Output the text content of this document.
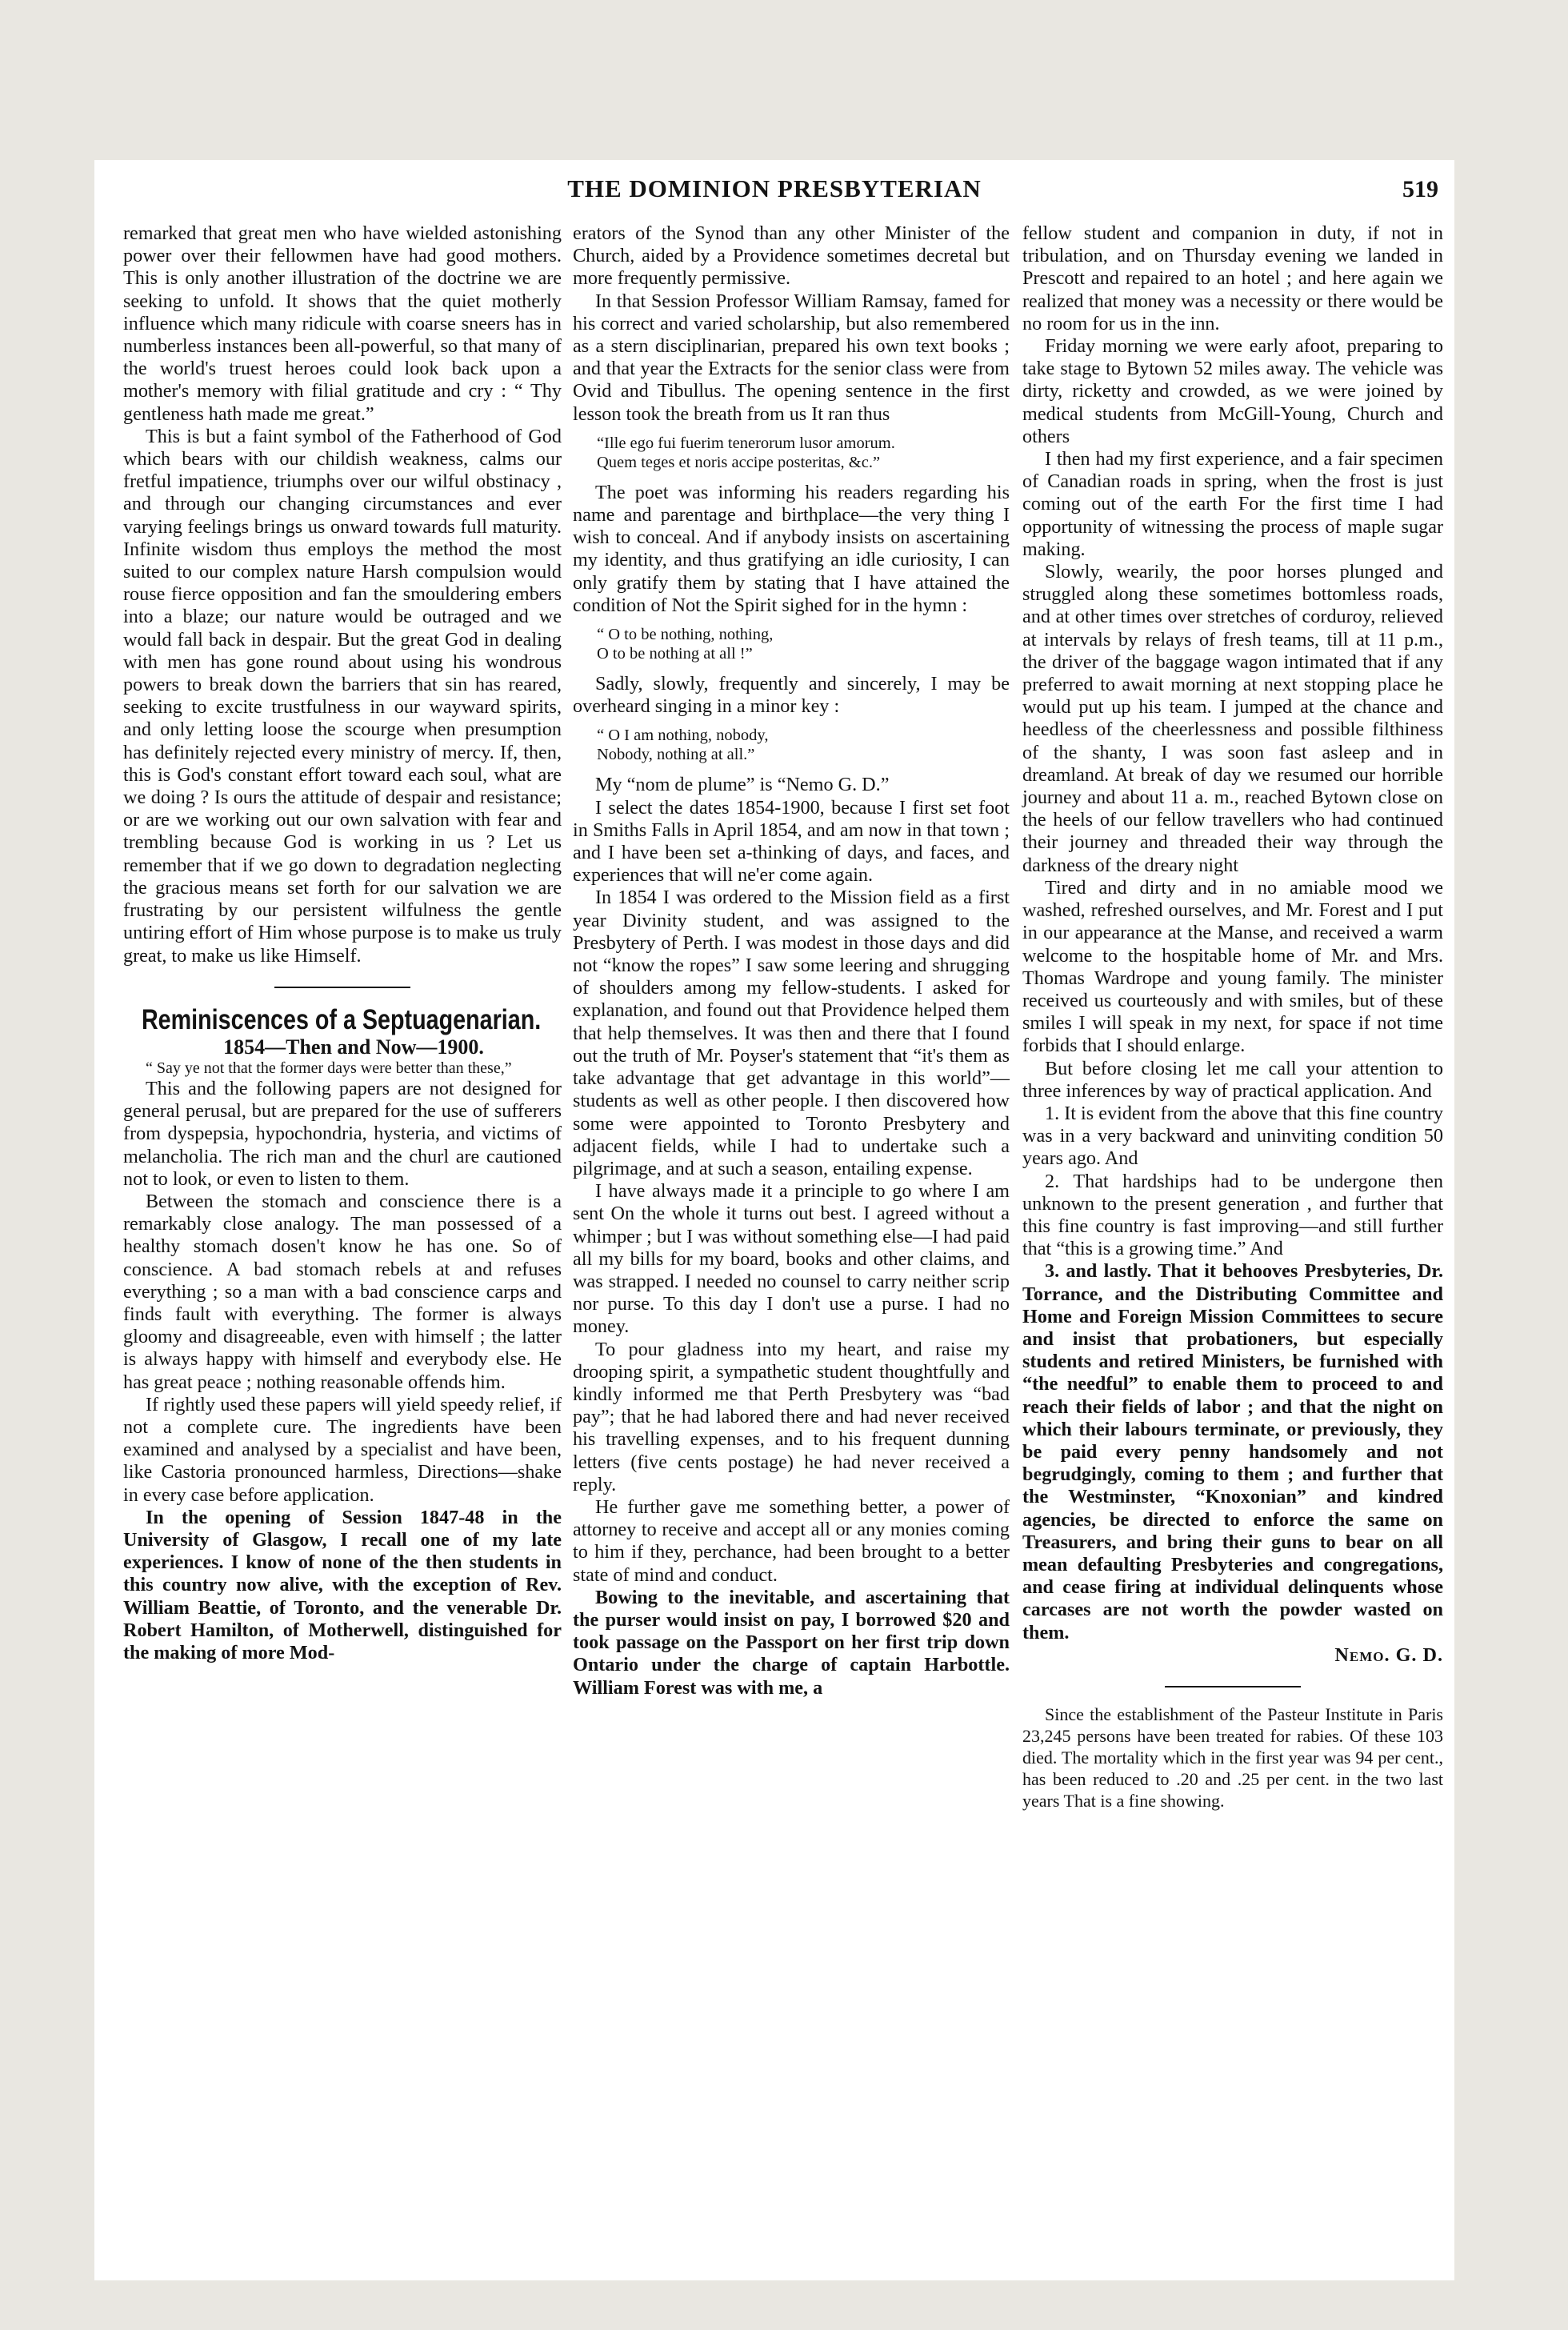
THE DOMINION PRESBYTERIAN	519

remarked that great men who have wielded astonishing power over their fellowmen have had good mothers. This is only another illustration of the doctrine we are seeking to unfold. It shows that the quiet motherly influence which many ridicule with coarse sneers has in numberless instances been all-powerful, so that many of the world's truest heroes could look back upon a mother's memory with filial gratitude and cry : “ Thy gentleness hath made me great.”

This is but a faint symbol of the Fatherhood of God which bears with our childish weakness, calms our fretful impatience, triumphs over our wilful obstinacy , and through our changing circumstances and ever varying feelings brings us onward towards full maturity. Infinite wisdom thus employs the method the most suited to our complex nature Harsh compulsion would rouse fierce opposition and fan the smouldering embers into a blaze; our nature would be outraged and we would fall back in despair. But the great God in dealing with men has gone round about using his wondrous powers to break down the barriers that sin has reared, seeking to excite trustfulness in our wayward spirits, and only letting loose the scourge when presumption has definitely rejected every ministry of mercy. If, then, this is God's constant effort toward each soul, what are we doing ? Is ours the attitude of despair and resistance; or are we working out our own salvation with fear and trembling because God is working in us ? Let us remember that if we go down to degradation neglecting the gracious means set forth for our salvation we are frustrating by our persistent wilfulness the gentle untiring effort of Him whose purpose is to make us truly great, to make us like Himself.

Reminiscences of a Septuagenarian.

1854—Then and Now—1900.

“ Say ye not that the former days were better than these,”

This and the following papers are not designed for general perusal, but are prepared for the use of sufferers from dyspepsia, hypochondria, hysteria, and victims of melancholia. The rich man and the churl are cautioned not to look, or even to listen to them.

Between the stomach and conscience there is a remarkably close analogy. The man possessed of a healthy stomach dosen't know he has one. So of conscience. A bad stomach rebels at and refuses everything ; so a man with a bad conscience carps and finds fault with everything. The former is always gloomy and disagreeable, even with himself ; the latter is always happy with himself and everybody else. He has great peace ; nothing reasonable offends him.

If rightly used these papers will yield speedy relief, if not a complete cure. The ingredients have been examined and analysed by a specialist and have been, like Castoria pronounced harmless, Directions—shake in every case before application.

In the opening of Session 1847-48 in the University of Glasgow, I recall one of my late experiences. I know of none of the then students in this country now alive, with the exception of Rev. William Beattie, of Toronto, and the venerable Dr. Robert Hamilton, of Motherwell, distinguished for the making of more Mod-

erators of the Synod than any other Minister of the Church, aided by a Providence sometimes decretal but more frequently permissive.

In that Session Professor William Ramsay, famed for his correct and varied scholarship, but also remembered as a stern disciplinarian, prepared his own text books ; and that year the Extracts for the senior class were from Ovid and Tibullus. The opening sentence in the first lesson took the breath from us It ran thus

“Ille ego fui fuerim tenerorum lusor amorum.
Quem teges et noris accipe posteritas, &c.”

The poet was informing his readers regarding his name and parentage and birthplace—the very thing I wish to conceal. And if anybody insists on ascertaining my identity, and thus gratifying an idle curiosity, I can only gratify them by stating that I have attained the condition of Not the Spirit sighed for in the hymn :

“ O to be nothing, nothing,
O to be nothing at all !”

Sadly, slowly, frequently and sincerely, I may be overheard singing in a minor key :

“ O I am nothing, nobody,
Nobody, nothing at all.”

My “nom de plume” is “Nemo G. D.”

I select the dates 1854-1900, because I first set foot in Smiths Falls in April 1854, and am now in that town ; and I have been set a-thinking of days, and faces, and experiences that will ne'er come again.

In 1854 I was ordered to the Mission field as a first year Divinity student, and was assigned to the Presbytery of Perth. I was modest in those days and did not “know the ropes” I saw some leering and shrugging of shoulders among my fellow-students. I asked for explanation, and found out that Providence helped them that help themselves. It was then and there that I found out the truth of Mr. Poyser's statement that “it's them as take advantage that get advantage in this world”—students as well as other people. I then discovered how some were appointed to Toronto Presbytery and adjacent fields, while I had to undertake such a pilgrimage, and at such a season, entailing expense.

I have always made it a principle to go where I am sent On the whole it turns out best. I agreed without a whimper ; but I was without something else—I had paid all my bills for my board, books and other claims, and was strapped. I needed no counsel to carry neither scrip nor purse. To this day I don't use a purse. I had no money.

To pour gladness into my heart, and raise my drooping spirit, a sympathetic student thoughtfully and kindly informed me that Perth Presbytery was “bad pay”; that he had labored there and had never received his travelling expenses, and to his frequent dunning letters (five cents postage) he had never received a reply.

He further gave me something better, a power of attorney to receive and accept all or any monies coming to him if they, perchance, had been brought to a better state of mind and conduct.

Bowing to the inevitable, and ascertaining that the purser would insist on pay, I borrowed $20 and took passage on the Passport on her first trip down Ontario under the charge of captain Harbottle. William Forest was with me, a

fellow student and companion in duty, if not in tribulation, and on Thursday evening we landed in Prescott and repaired to an hotel ; and here again we realized that money was a necessity or there would be no room for us in the inn.

Friday morning we were early afoot, preparing to take stage to Bytown 52 miles away. The vehicle was dirty, ricketty and crowded, as we were joined by medical students from McGill-Young, Church and others

I then had my first experience, and a fair specimen of Canadian roads in spring, when the frost is just coming out of the earth For the first time I had opportunity of witnessing the process of maple sugar making.

Slowly, wearily, the poor horses plunged and struggled along these sometimes bottomless roads, and at other times over stretches of corduroy, relieved at intervals by relays of fresh teams, till at 11 p.m., the driver of the baggage wagon intimated that if any preferred to await morning at next stopping place he would put up his team. I jumped at the chance and heedless of the cheerlessness and possible filthiness of the shanty, I was soon fast asleep and in dreamland. At break of day we resumed our horrible journey and about 11 a. m., reached Bytown close on the heels of our fellow travellers who had continued their journey and threaded their way through the darkness of the dreary night

Tired and dirty and in no amiable mood we washed, refreshed ourselves, and Mr. Forest and I put in our appearance at the Manse, and received a warm welcome to the hospitable home of Mr. and Mrs. Thomas Wardrope and young family. The minister received us courteously and with smiles, but of these smiles I will speak in my next, for space if not time forbids that I should enlarge.

But before closing let me call your attention to three inferences by way of practical application. And

1. It is evident from the above that this fine country was in a very backward and uninviting condition 50 years ago. And

2. That hardships had to be undergone then unknown to the present generation , and further that this fine country is fast improving—and still further that “this is a growing time.” And

3. and lastly. That it behooves Presbyteries, Dr. Torrance, and the Distributing Committee and Home and Foreign Mission Committees to secure and insist that probationers, but especially students and retired Ministers, be furnished with “the needful” to enable them to proceed to and reach their fields of labor ; and that the night on which their labours terminate, or previously, they be paid every penny handsomely and not begrudgingly, coming to them ; and further that the Westminster, “Knoxonian” and kindred agencies, be directed to enforce the same on Treasurers, and bring their guns to bear on all mean defaulting Presbyteries and congregations, and cease firing at individual delinquents whose carcases are not worth the powder wasted on them.

Nemo. G. D.

Since the establishment of the Pasteur Institute in Paris 23,245 persons have been treated for rabies. Of these 103 died. The mortality which in the first year was 94 per cent., has been reduced to .20 and .25 per cent. in the two last years That is a fine showing.
